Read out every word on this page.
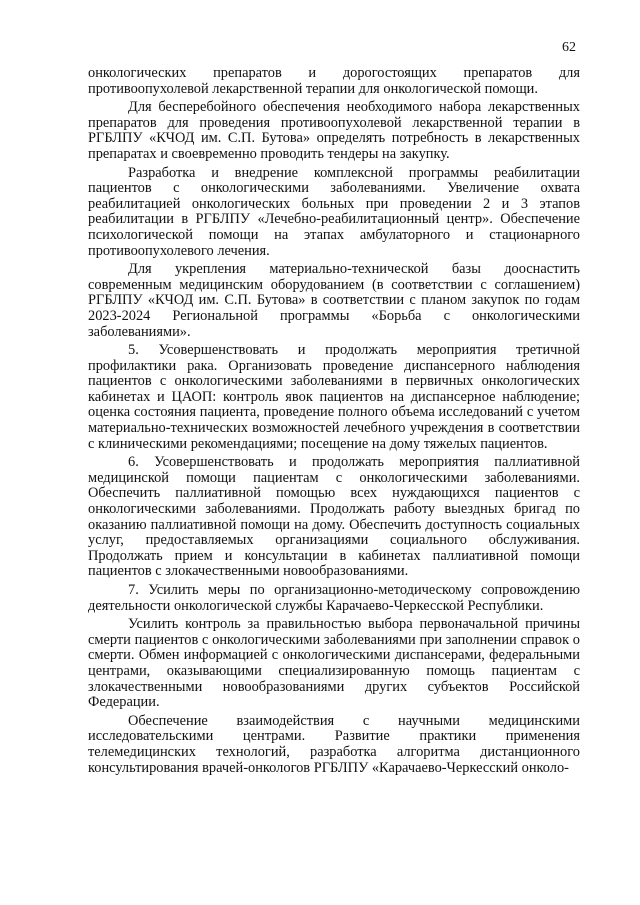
62

онкологических препаратов и дорогостоящих препаратов для противоопухолевой лекарственной терапии для онкологической помощи.

Для бесперебойного обеспечения необходимого набора лекарственных препаратов для проведения противоопухолевой лекарственной терапии в РГБЛПУ «КЧОД им. С.П. Бутова» определять потребность в лекарственных препаратах и своевременно проводить тендеры на закупку.

Разработка и внедрение комплексной программы реабилитации пациентов с онкологическими заболеваниями. Увеличение охвата реабилитацией онкологических больных при проведении 2 и 3 этапов реабилитации в РГБЛПУ «Лечебно-реабилитационный центр». Обеспечение психологической помощи на этапах амбулаторного и стационарного противоопухолевого лечения.

Для укрепления материально-технической базы дооснастить современным медицинским оборудованием (в соответствии с соглашением) РГБЛПУ «КЧОД им. С.П. Бутова» в соответствии с планом закупок по годам 2023-2024 Региональной программы «Борьба с онкологическими заболеваниями».

5. Усовершенствовать и продолжать мероприятия третичной профилактики рака. Организовать проведение диспансерного наблюдения пациентов с онкологическими заболеваниями в первичных онкологических кабинетах и ЦАОП: контроль явок пациентов на диспансерное наблюдение; оценка состояния пациента, проведение полного объема исследований с учетом материально-технических возможностей лечебного учреждения в соответствии с клиническими рекомендациями; посещение на дому тяжелых пациентов.

6. Усовершенствовать и продолжать мероприятия паллиативной медицинской помощи пациентам с онкологическими заболеваниями. Обеспечить паллиативной помощью всех нуждающихся пациентов с онкологическими заболеваниями. Продолжать работу выездных бригад по оказанию паллиативной помощи на дому. Обеспечить доступность социальных услуг, предоставляемых организациями социального обслуживания. Продолжать прием и консультации в кабинетах паллиативной помощи пациентов с злокачественными новообразованиями.

7. Усилить меры по организационно-методическому сопровождению деятельности онкологической службы Карачаево-Черкесской Республики.

Усилить контроль за правильностью выбора первоначальной причины смерти пациентов с онкологическими заболеваниями при заполнении справок о смерти. Обмен информацией с онкологическими диспансерами, федеральными центрами, оказывающими специализированную помощь пациентам с злокачественными новообразованиями других субъектов Российской Федерации.

Обеспечение взаимодействия с научными медицинскими исследовательскими центрами. Развитие практики применения телемедицинских технологий, разработка алгоритма дистанционного консультирования врачей-онкологов РГБЛПУ «Карачаево-Черкесский онколо-
